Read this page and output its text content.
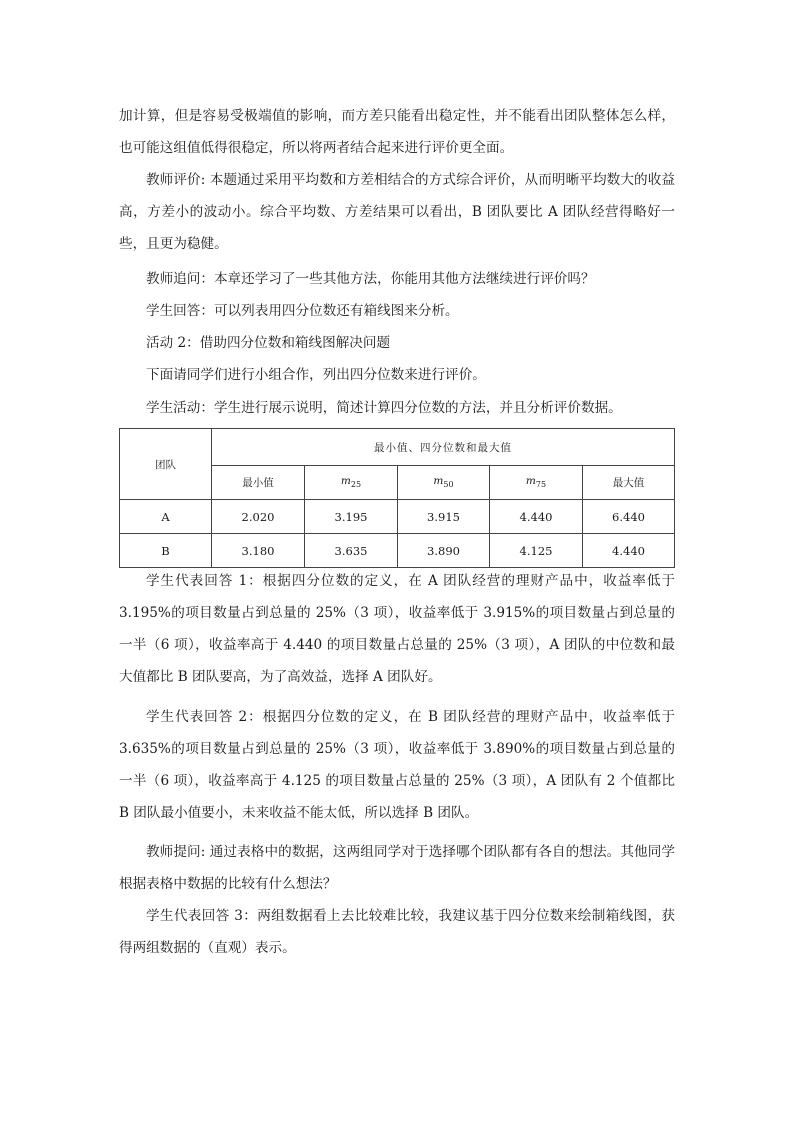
加计算，但是容易受极端值的影响，而方差只能看出稳定性，并不能看出团队整体怎么样，也可能这组值低得很稳定，所以将两者结合起来进行评价更全面。

教师评价: 本题通过采用平均数和方差相结合的方式综合评价，从而明晰平均数大的收益高，方差小的波动小。综合平均数、方差结果可以看出，B 团队要比 A 团队经营得略好一些，且更为稳健。

教师追问：本章还学习了一些其他方法，你能用其他方法继续进行评价吗？

学生回答：可以列表用四分位数还有箱线图来分析。

活动 2：借助四分位数和箱线图解决问题

下面请同学们进行小组合作，列出四分位数来进行评价。

学生活动：学生进行展示说明，简述计算四分位数的方法，并且分析评价数据。

团队	最小值、四分位数和最大值				
	最小值	$m_{25}$	$m_{50}$	$m_{75}$	最大值
A	2.020	3.195	3.915	4.440	6.440
B	3.180	3.635	3.890	4.125	4.440

学生代表回答 1：根据四分位数的定义，在 A 团队经营的理财产品中，收益率低于 3.195%的项目数量占到总量的 25%（3 项），收益率低于 3.915%的项目数量占到总量的一半（6 项），收益率高于 4.440 的项目数量占总量的 25%（3 项），A 团队的中位数和最大值都比 B 团队要高，为了高效益，选择 A 团队好。

学生代表回答 2：根据四分位数的定义，在 B 团队经营的理财产品中，收益率低于 3.635%的项目数量占到总量的 25%（3 项），收益率低于 3.890%的项目数量占到总量的一半（6 项），收益率高于 4.125 的项目数量占总量的 25%（3 项），A 团队有 2 个值都比 B 团队最小值要小，未来收益不能太低，所以选择 B 团队。

教师提问: 通过表格中的数据，这两组同学对于选择哪个团队都有各自的想法。其他同学根据表格中数据的比较有什么想法？

学生代表回答 3：两组数据看上去比较难比较，我建议基于四分位数来绘制箱线图，获得两组数据的（直观）表示。
